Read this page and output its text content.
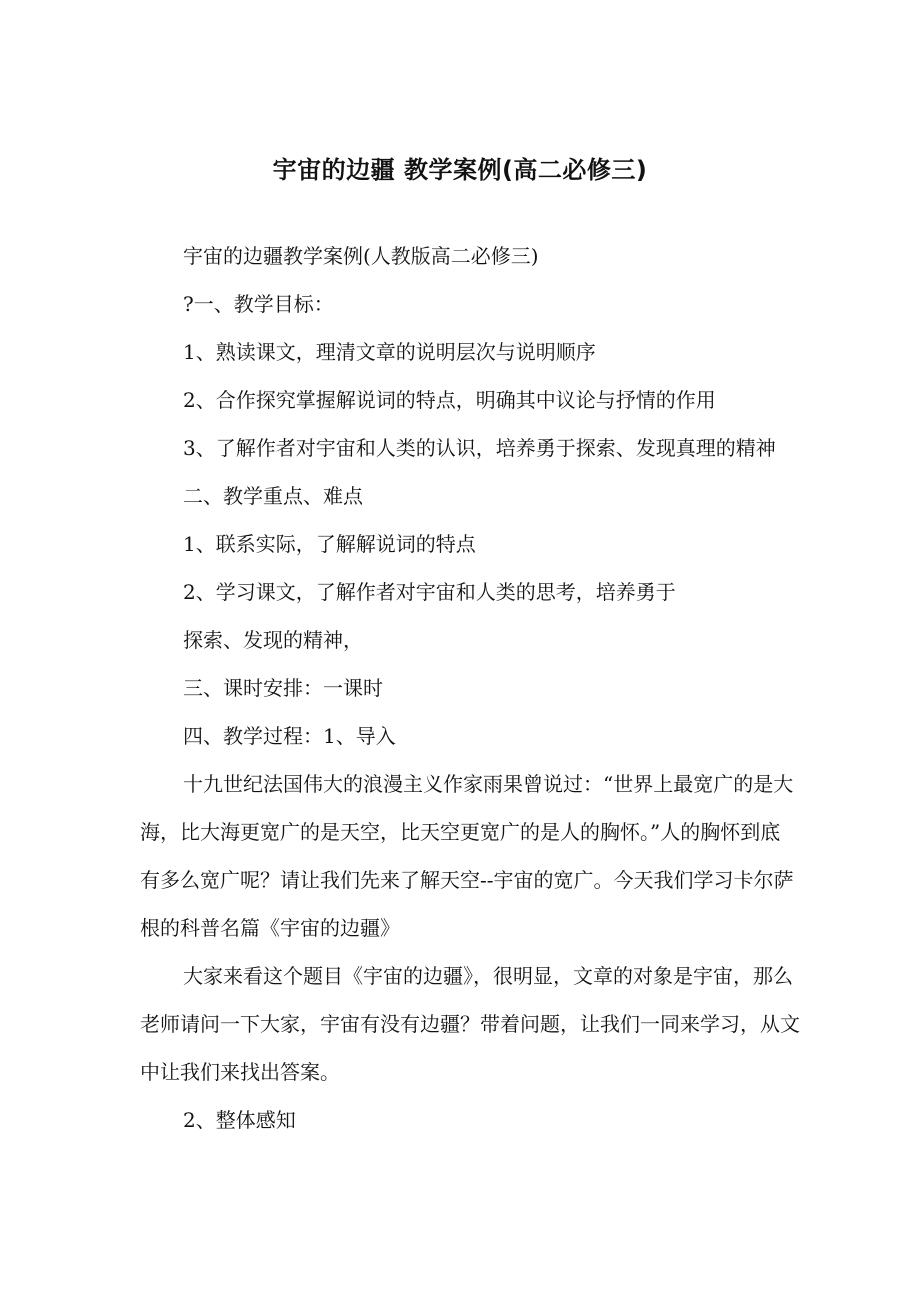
宇宙的边疆 教学案例(高二必修三)

宇宙的边疆教学案例(人教版高二必修三)

?一、教学目标：

1、熟读课文，理清文章的说明层次与说明顺序

2、合作探究掌握解说词的特点，明确其中议论与抒情的作用

3、了解作者对宇宙和人类的认识，培养勇于探索、发现真理的精神

二、教学重点、难点

1、联系实际，了解解说词的特点

2、学习课文，了解作者对宇宙和人类的思考，培养勇于

探索、发现的精神，

三、课时安排：一课时

四、教学过程：1、导入

十九世纪法国伟大的浪漫主义作家雨果曾说过：“世界上最宽广的是大海，比大海更宽广的是天空，比天空更宽广的是人的胸怀。”人的胸怀到底有多么宽广呢？请让我们先来了解天空--宇宙的宽广。今天我们学习卡尔萨根的科普名篇《宇宙的边疆》

大家来看这个题目《宇宙的边疆》，很明显，文章的对象是宇宙，那么老师请问一下大家，宇宙有没有边疆？带着问题，让我们一同来学习，从文中让我们来找出答案。

2、整体感知
